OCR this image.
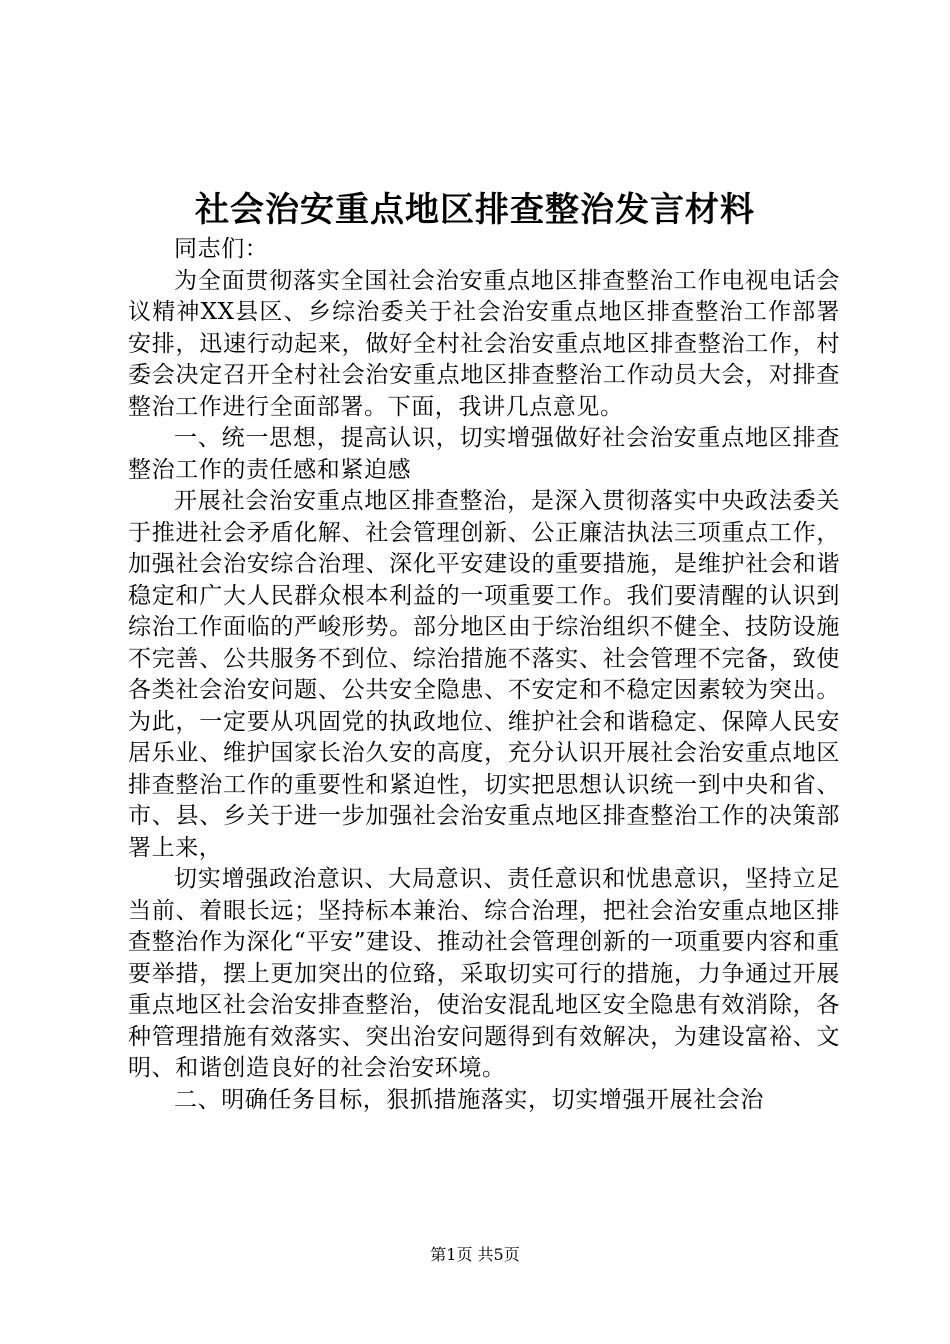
社会治安重点地区排查整治发言材料

同志们：

为全面贯彻落实全国社会治安重点地区排查整治工作电视电话会议精神XX县区、乡综治委关于社会治安重点地区排查整治工作部署安排，迅速行动起来，做好全村社会治安重点地区排查整治工作，村委会决定召开全村社会治安重点地区排查整治工作动员大会，对排查整治工作进行全面部署。下面，我讲几点意见。

一、统一思想，提高认识，切实增强做好社会治安重点地区排查整治工作的责任感和紧迫感

开展社会治安重点地区排查整治，是深入贯彻落实中央政法委关于推进社会矛盾化解、社会管理创新、公正廉洁执法三项重点工作，加强社会治安综合治理、深化平安建设的重要措施，是维护社会和谐稳定和广大人民群众根本利益的一项重要工作。我们要清醒的认识到综治工作面临的严峻形势。部分地区由于综治组织不健全、技防设施不完善、公共服务不到位、综治措施不落实、社会管理不完备，致使各类社会治安问题、公共安全隐患、不安定和不稳定因素较为突出。为此，一定要从巩固党的执政地位、维护社会和谐稳定、保障人民安居乐业、维护国家长治久安的高度，充分认识开展社会治安重点地区排查整治工作的重要性和紧迫性，切实把思想认识统一到中央和省、市、县、乡关于进一步加强社会治安重点地区排查整治工作的决策部署上来，

切实增强政治意识、大局意识、责任意识和忧患意识，坚持立足当前、着眼长远；坚持标本兼治、综合治理，把社会治安重点地区排查整治作为深化“平安”建设、推动社会管理创新的一项重要内容和重要举措，摆上更加突出的位臵，采取切实可行的措施，力争通过开展重点地区社会治安排查整治，使治安混乱地区安全隐患有效消除，各种管理措施有效落实、突出治安问题得到有效解决，为建设富裕、文明、和谐创造良好的社会治安环境。

二、明确任务目标，狠抓措施落实，切实增强开展社会治

第1页 共5页
